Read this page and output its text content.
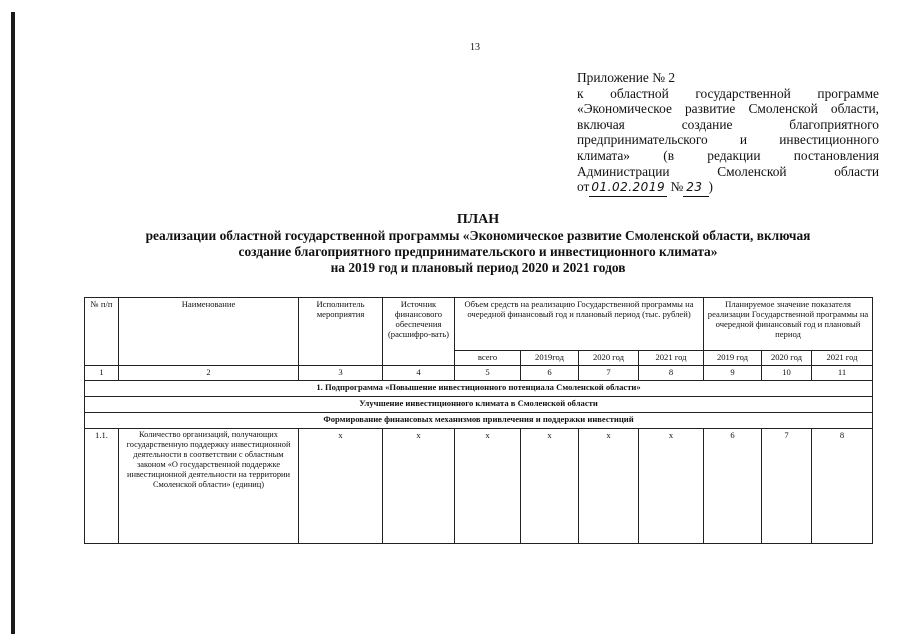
13
Приложение № 2
к областной государственной программе
«Экономическое развитие Смоленской области,
включая создание благоприятного
предпринимательского и инвестиционного
климата» (в редакции постановления
Администрации Смоленской области
от 01.02.2019 № 23 )
ПЛАН
реализации областной государственной программы «Экономическое развитие Смоленской области, включая
создание благоприятного предпринимательского и инвестиционного климата»
на 2019 год и плановый период 2020 и 2021 годов
№ п/п	Наименование	Исполнитель мероприятия	Источник финансового обеспечения (расшифро-вать)	Объем средств на реализацию Государственной программы на очередной финансовый год и плановый период (тыс. рублей)				Планируемое значение показателя реализации Государственной программы на очередной финансовый год и плановый период		
				всего	2019год	2020 год	2021 год	2019 год	2020 год	2021 год
1	2	3	4	5	6	7	8	9	10	11
1. Подпрограмма «Повышение инвестиционного потенциала Смоленской области»										
Улучшение инвестиционного климата в Смоленской области										
Формирование финансовых механизмов привлечения и поддержки инвестиций										
1.1.	Количество организаций, получающих государственную поддержку инвестиционной деятельности в соответствии с областным законом «О государственной поддержке инвестиционной деятельности на территории Смоленской области» (единиц)	х	х	х	х	х	х	6	7	8
